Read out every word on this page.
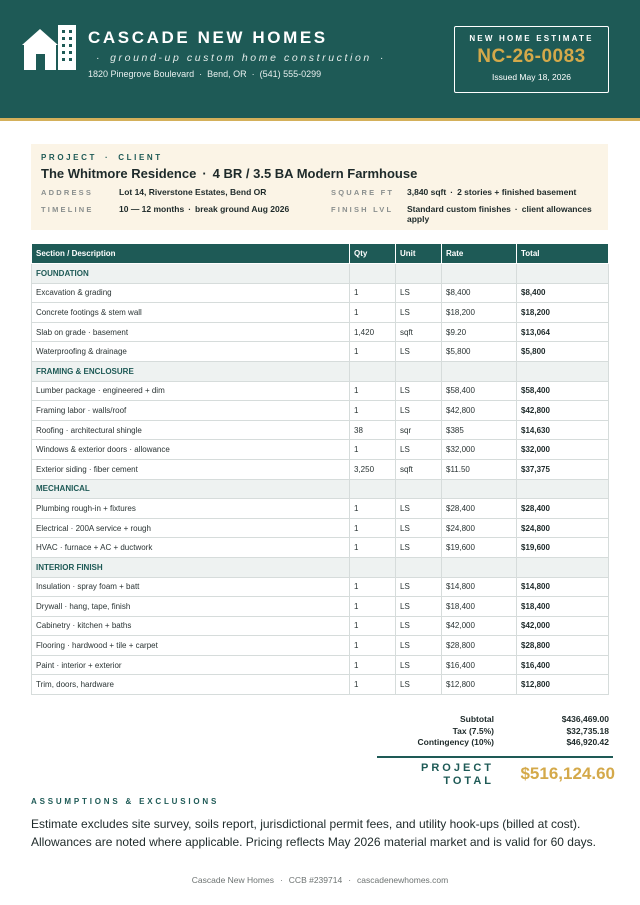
CASCADE NEW HOMES
· ground-up custom home construction ·
1820 Pinegrove Boulevard · Bend, OR · (541) 555-0299
NEW HOME ESTIMATE
NC-26-0083
Issued May 18, 2026
PROJECT · CLIENT
The Whitmore Residence · 4 BR / 3.5 BA Modern Farmhouse
ADDRESS	Lot 14, Riverstone Estates, Bend OR
TIMELINE	10 — 12 months · break ground Aug 2026
SQUARE FT 3,840 sqft · 2 stories + finished basement
FINISH LVL Standard custom finishes · client allowances apply
Section / Description	Qty	Unit	Rate	Total
FOUNDATION				
Excavation & grading	1	LS	$8,400	$8,400
Concrete footings & stem wall	1	LS	$18,200	$18,200
Slab on grade · basement	1,420	sqft	$9.20	$13,064
Waterproofing & drainage	1	LS	$5,800	$5,800
FRAMING & ENCLOSURE				
Lumber package · engineered + dim	1	LS	$58,400	$58,400
Framing labor · walls/roof	1	LS	$42,800	$42,800
Roofing · architectural shingle	38	sqr	$385	$14,630
Windows & exterior doors · allowance	1	LS	$32,000	$32,000
Exterior siding · fiber cement	3,250	sqft	$11.50	$37,375
MECHANICAL				
Plumbing rough-in + fixtures	1	LS	$28,400	$28,400
Electrical · 200A service + rough	1	LS	$24,800	$24,800
HVAC · furnace + AC + ductwork	1	LS	$19,600	$19,600
INTERIOR FINISH				
Insulation · spray foam + batt	1	LS	$14,800	$14,800
Drywall · hang, tape, finish	1	LS	$18,400	$18,400
Cabinetry · kitchen + baths	1	LS	$42,000	$42,000
Flooring · hardwood + tile + carpet	1	LS	$28,800	$28,800
Paint · interior + exterior	1	LS	$16,400	$16,400
Trim, doors, hardware	1	LS	$12,800	$12,800
Subtotal	$436,469.00
Tax (7.5%)	$32,735.18
Contingency (10%)	$46,920.42
PROJECT
TOTAL	$516,124.60
ASSUMPTIONS & EXCLUSIONS
Estimate excludes site survey, soils report, jurisdictional permit fees, and utility hook-ups (billed at cost). Allowances are noted where applicable. Pricing reflects May 2026 material market and is valid for 60 days.
Cascade New Homes · CCB #239714 · cascadenewhomes.com
